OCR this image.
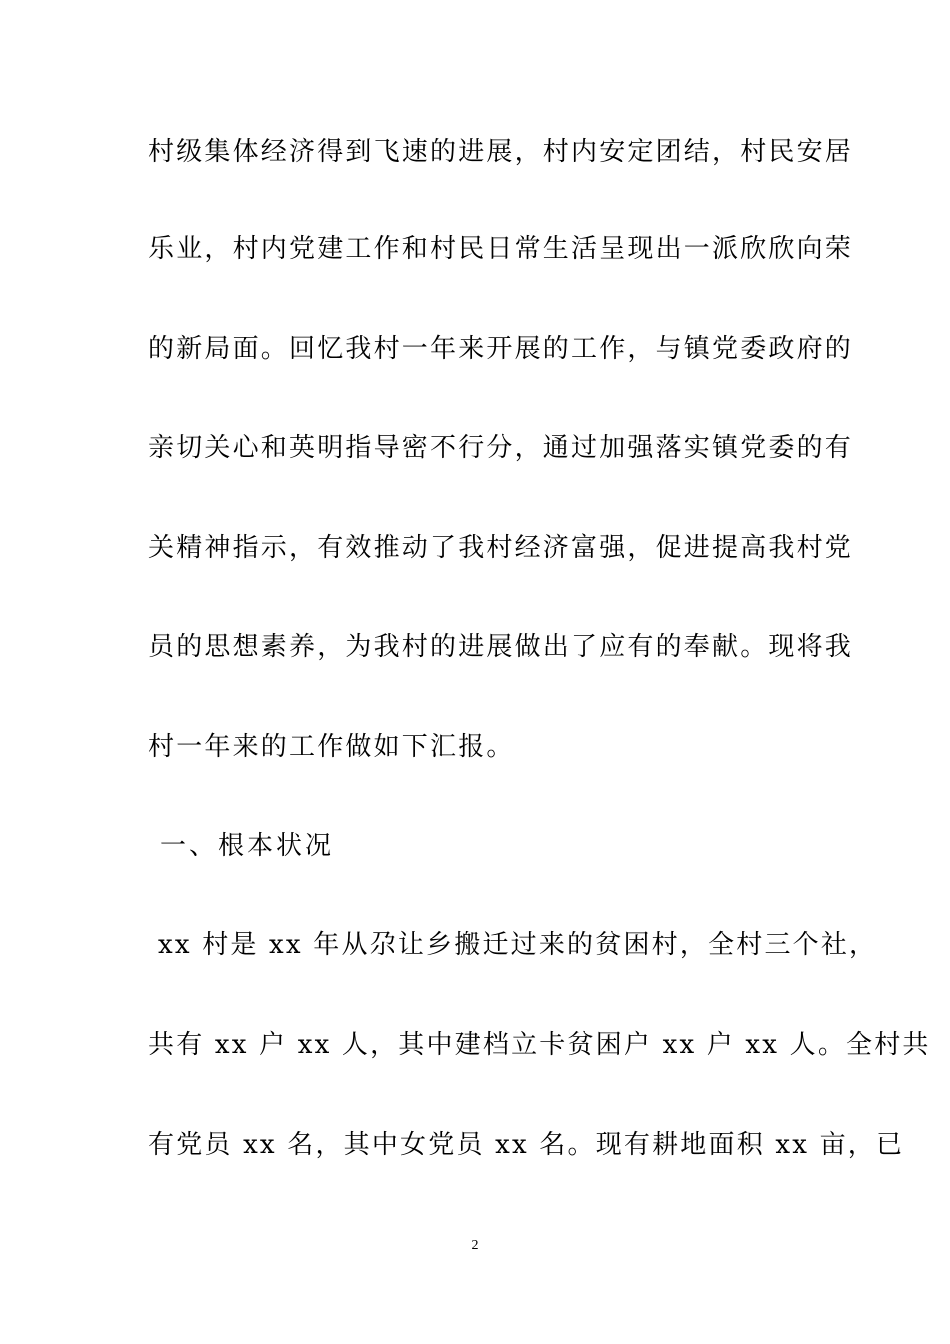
村级集体经济得到飞速的进展，村内安定团结，村民安居
乐业，村内党建工作和村民日常生活呈现出一派欣欣向荣
的新局面。回忆我村一年来开展的工作，与镇党委政府的
亲切关心和英明指导密不行分，通过加强落实镇党委的有
关精神指示，有效推动了我村经济富强，促进提高我村党
员的思想素养，为我村的进展做出了应有的奉献。现将我
村一年来的工作做如下汇报。
一、根本状况
xx 村是 xx 年从尕让乡搬迁过来的贫困村，全村三个社，
共有 xx 户 xx 人，其中建档立卡贫困户 xx 户 xx 人。全村共
有党员 xx 名，其中女党员 xx 名。现有耕地面积 xx 亩，已
2
